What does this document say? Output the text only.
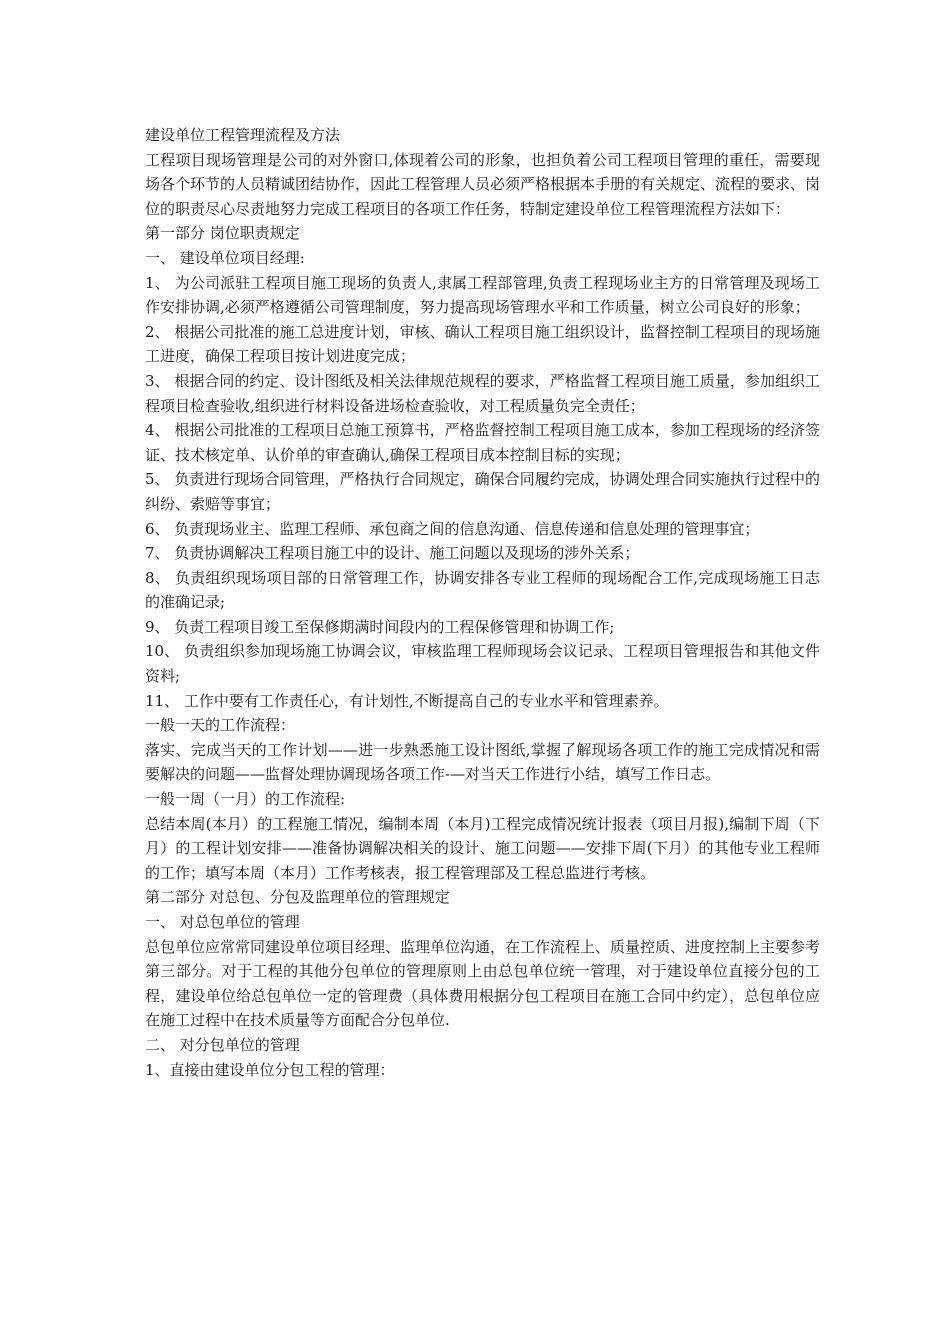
建设单位工程管理流程及方法

工程项目现场管理是公司的对外窗口,体现着公司的形象，也担负着公司工程项目管理的重任，需要现场各个环节的人员精诚团结协作，因此工程管理人员必须严格根据本手册的有关规定、流程的要求、岗位的职责尽心尽责地努力完成工程项目的各项工作任务，特制定建设单位工程管理流程方法如下：

第一部分 岗位职责规定

一、 建设单位项目经理:

1、 为公司派驻工程项目施工现场的负责人,隶属工程部管理,负责工程现场业主方的日常管理及现场工作安排协调,必须严格遵循公司管理制度，努力提高现场管理水平和工作质量，树立公司良好的形象；

2、 根据公司批准的施工总进度计划，审核、确认工程项目施工组织设计，监督控制工程项目的现场施工进度，确保工程项目按计划进度完成；

3、 根据合同的约定、设计图纸及相关法律规范规程的要求，严格监督工程项目施工质量，参加组织工程项目检查验收,组织进行材料设备进场检查验收，对工程质量负完全责任；

4、 根据公司批准的工程项目总施工预算书，严格监督控制工程项目施工成本，参加工程现场的经济签证、技术核定单、认价单的审查确认,确保工程项目成本控制目标的实现；

5、 负责进行现场合同管理，严格执行合同规定，确保合同履约完成，协调处理合同实施执行过程中的纠纷、索赔等事宜；

6、 负责现场业主、监理工程师、承包商之间的信息沟通、信息传递和信息处理的管理事宜；

7、 负责协调解决工程项目施工中的设计、施工问题以及现场的涉外关系；

8、 负责组织现场项目部的日常管理工作，协调安排各专业工程师的现场配合工作,完成现场施工日志的准确记录;

9、 负责工程项目竣工至保修期满时间段内的工程保修管理和协调工作;

10、 负责组织参加现场施工协调会议，审核监理工程师现场会议记录、工程项目管理报告和其他文件资料;

11、 工作中要有工作责任心，有计划性,不断提高自己的专业水平和管理素养。

一般一天的工作流程：

落实、完成当天的工作计划——进一步熟悉施工设计图纸,掌握了解现场各项工作的施工完成情况和需要解决的问题——监督处理协调现场各项工作-—对当天工作进行小结，填写工作日志。

一般一周（一月）的工作流程:

总结本周(本月）的工程施工情况，编制本周（本月)工程完成情况统计报表（项目月报),编制下周（下月）的工程计划安排——准备协调解决相关的设计、施工问题——安排下周(下月）的其他专业工程师的工作；填写本周（本月）工作考核表，报工程管理部及工程总监进行考核。

第二部分 对总包、分包及监理单位的管理规定

一、 对总包单位的管理

总包单位应常常同建设单位项目经理、监理单位沟通，在工作流程上、质量控质、进度控制上主要参考第三部分。对于工程的其他分包单位的管理原则上由总包单位统一管理，对于建设单位直接分包的工程，建设单位给总包单位一定的管理费（具体费用根据分包工程项目在施工合同中约定），总包单位应在施工过程中在技术质量等方面配合分包单位.

二、 对分包单位的管理

1、直接由建设单位分包工程的管理：
